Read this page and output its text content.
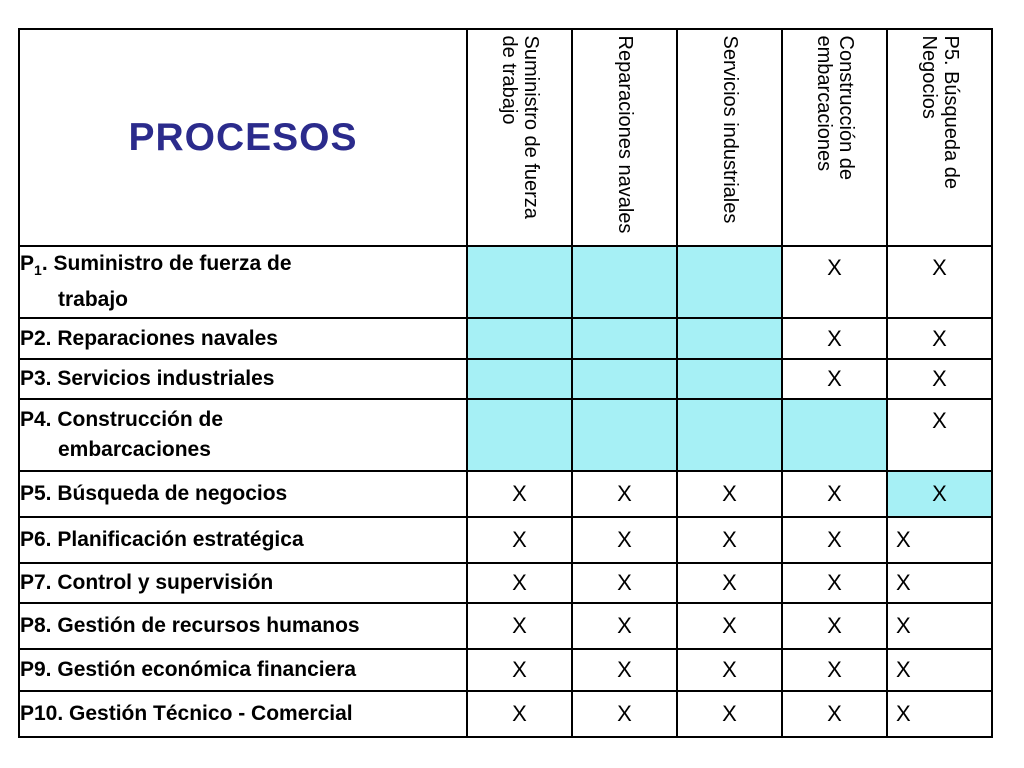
PROCESOS	Suministro de fuerza de trabajo	Reparaciones navales	Servicios industriales	Construcción de embarcaciones	P5. Búsqueda de Negocios

$P_1$. Suministro de fuerza de
trabajo				X	X
P2. Reparaciones navales				X	X
P3. Servicios industriales				X	X

P4. Construcción de
embarcaciones					X
P5. Búsqueda de negocios	X	X	X	X	X
P6. Planificación estratégica	X	X	X	X	X
P7. Control y supervisión	X	X	X	X	X
P8. Gestión de recursos humanos	X	X	X	X	X
P9. Gestión económica financiera	X	X	X	X	X
P10. Gestión Técnico - Comercial	X	X	X	X	X
